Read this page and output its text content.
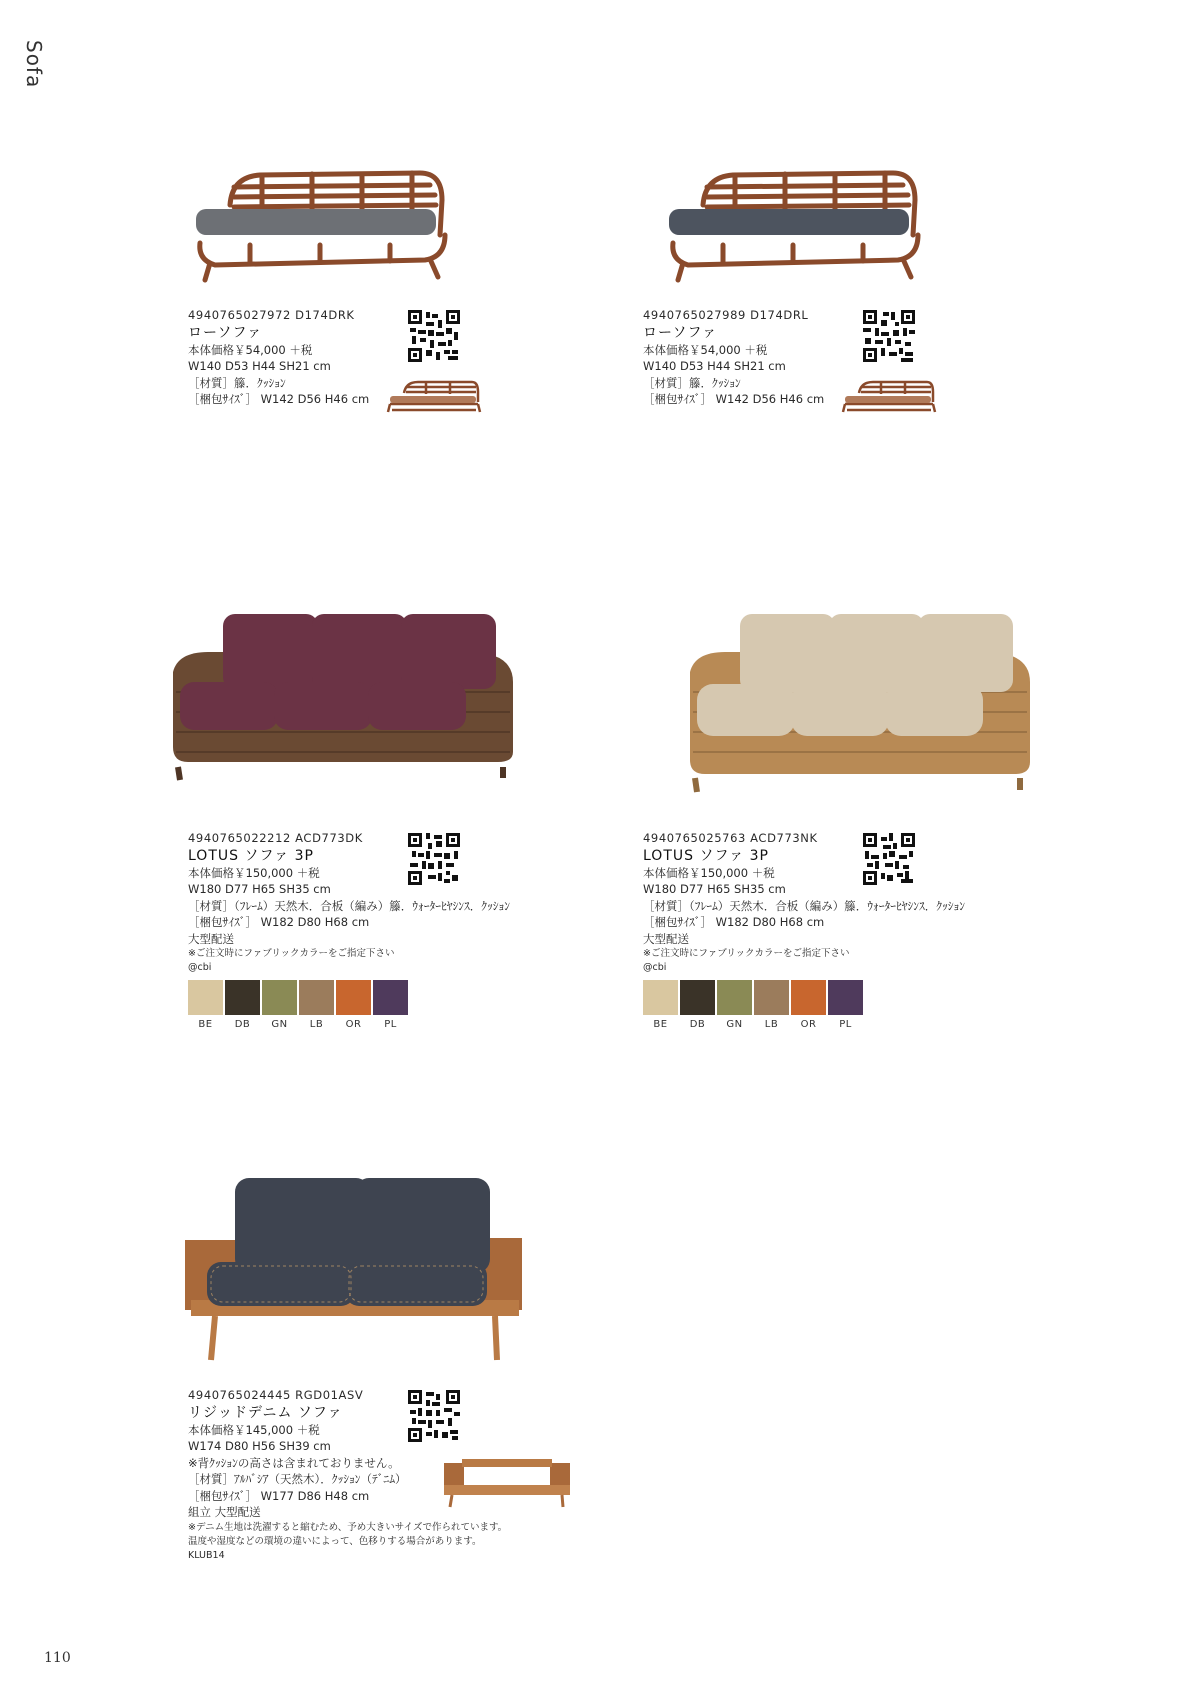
Sofa
4940765027972 D174DRK
ローソファ
本体価格￥54,000 ＋税
W140 D53 H44 SH21 cm
［材質］籐．ｸｯｼｮﾝ
［梱包ｻｲｽﾞ］ W142 D56 H46 cm
4940765027989 D174DRL
ローソファ
本体価格￥54,000 ＋税
W140 D53 H44 SH21 cm
［材質］籐．ｸｯｼｮﾝ
［梱包ｻｲｽﾞ］ W142 D56 H46 cm
4940765022212 ACD773DK
LOTUS ソファ 3P
本体価格￥150,000 ＋税
W180 D77 H65 SH35 cm
［材質］（ﾌﾚｰﾑ）天然木．合板（編み）籐．ｳｫｰﾀｰﾋﾔｼﾝｽ．ｸｯｼｮﾝ
［梱包ｻｲｽﾞ］ W182 D80 H68 cm
大型配送
※ご注文時にファブリックカラーをご指定下さい
@cbi
BE	DB	GN	LB	OR	PL
4940765025763 ACD773NK
LOTUS ソファ 3P
本体価格￥150,000 ＋税
W180 D77 H65 SH35 cm
［材質］（ﾌﾚｰﾑ）天然木．合板（編み）籐．ｳｫｰﾀｰﾋﾔｼﾝｽ．ｸｯｼｮﾝ
［梱包ｻｲｽﾞ］ W182 D80 H68 cm
大型配送
※ご注文時にファブリックカラーをご指定下さい
@cbi
BE	DB	GN	LB	OR	PL
4940765024445 RGD01ASV
リジッドデニム ソファ
本体価格￥145,000 ＋税
W174 D80 H56 SH39 cm
※背ｸｯｼｮﾝの高さは含まれておりません。
［材質］ｱﾙﾊﾞｼｱ（天然木）．ｸｯｼｮﾝ（ﾃﾞﾆﾑ）
［梱包ｻｲｽﾞ］ W177 D86 H48 cm
組立 大型配送
※デニム生地は洗濯すると縮むため、予め大きいサイズで作られています。
温度や湿度などの環境の違いによって、色移りする場合があります。
KLUB14
110
